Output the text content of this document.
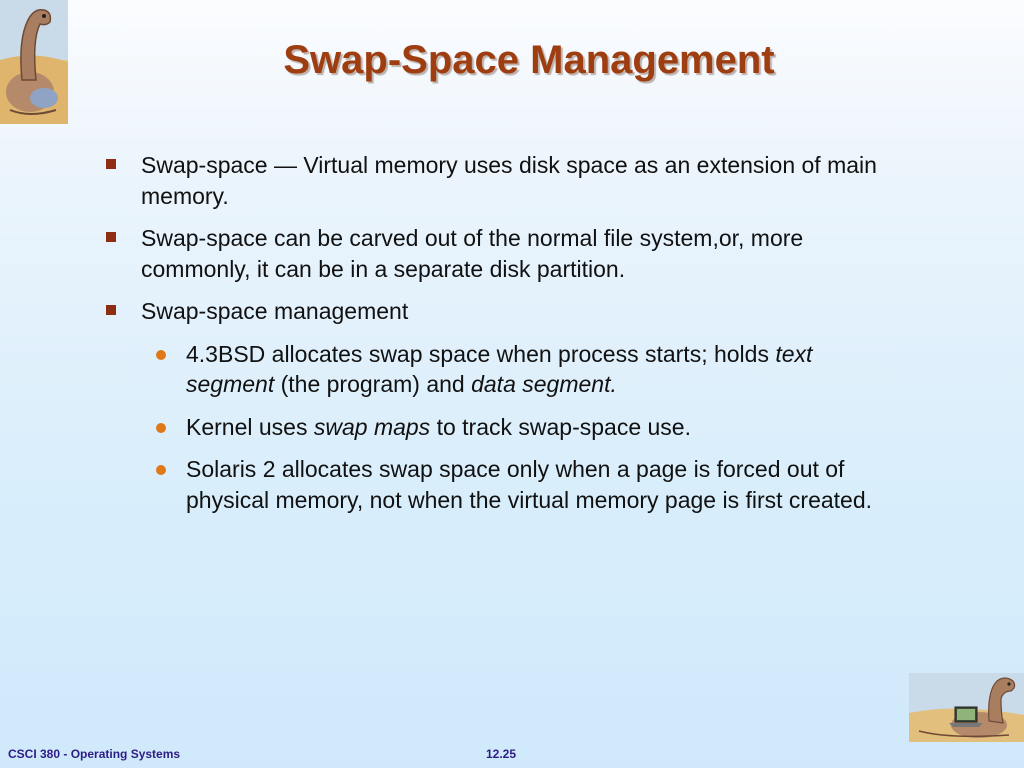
Swap-Space Management
Swap-space — Virtual memory uses disk space as an extension of main memory.
Swap-space can be carved out of the normal file system,or, more commonly, it can be in a separate disk partition.
Swap-space management
4.3BSD allocates swap space when process starts; holds text segment (the program) and data segment.
Kernel uses swap maps to track swap-space use.
Solaris 2 allocates swap space only when a page is forced out of physical memory, not when the virtual memory page is first created.
CSCI 380 - Operating Systems	12.25
